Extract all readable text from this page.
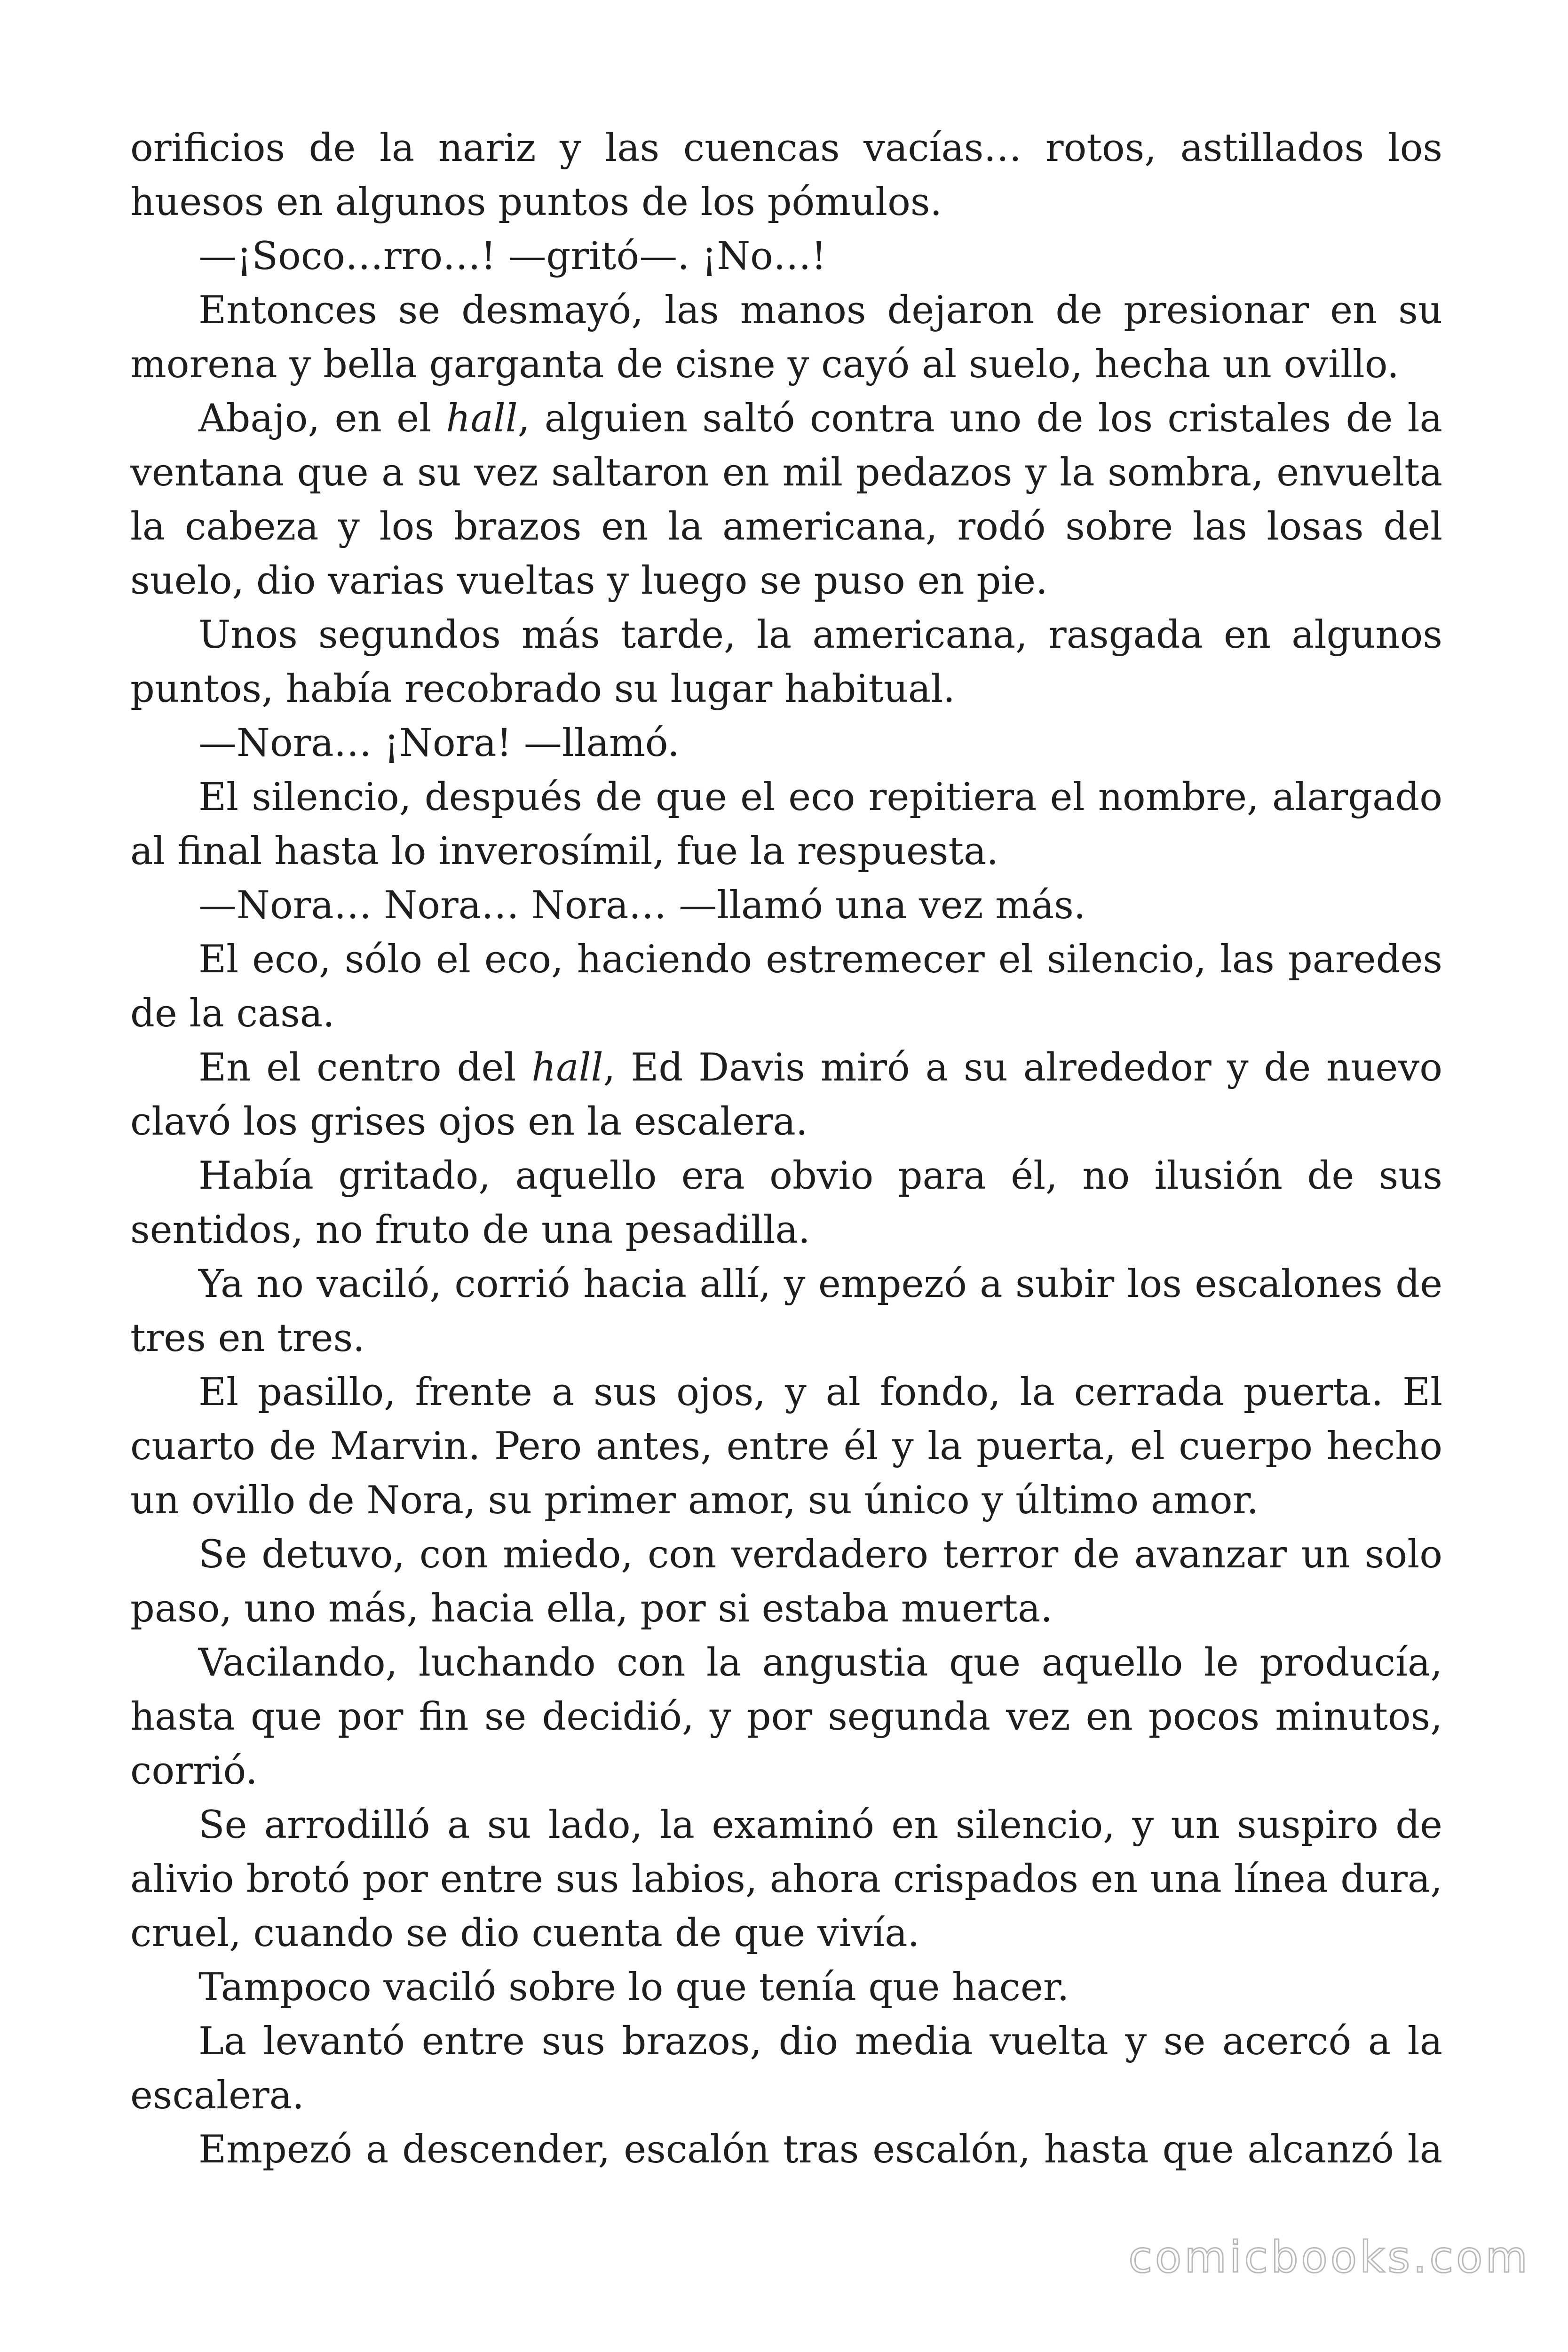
orificios de la nariz y las cuencas vacías… rotos, astillados los huesos en algunos puntos de los pómulos.

—¡Soco…rro…! —gritó—. ¡No…!

Entonces se desmayó, las manos dejaron de presionar en su morena y bella garganta de cisne y cayó al suelo, hecha un ovillo.

Abajo, en el hall, alguien saltó contra uno de los cristales de la ventana que a su vez saltaron en mil pedazos y la sombra, envuelta la cabeza y los brazos en la americana, rodó sobre las losas del suelo, dio varias vueltas y luego se puso en pie.

Unos segundos más tarde, la americana, rasgada en algunos puntos, había recobrado su lugar habitual.

—Nora… ¡Nora! —llamó.

El silencio, después de que el eco repitiera el nombre, alargado al final hasta lo inverosímil, fue la respuesta.

—Nora… Nora… Nora… —llamó una vez más.

El eco, sólo el eco, haciendo estremecer el silencio, las paredes de la casa.

En el centro del hall, Ed Davis miró a su alrededor y de nuevo clavó los grises ojos en la escalera.

Había gritado, aquello era obvio para él, no ilusión de sus sentidos, no fruto de una pesadilla.

Ya no vaciló, corrió hacia allí, y empezó a subir los escalones de tres en tres.

El pasillo, frente a sus ojos, y al fondo, la cerrada puerta. El cuarto de Marvin. Pero antes, entre él y la puerta, el cuerpo hecho un ovillo de Nora, su primer amor, su único y último amor.

Se detuvo, con miedo, con verdadero terror de avanzar un solo paso, uno más, hacia ella, por si estaba muerta.

Vacilando, luchando con la angustia que aquello le producía, hasta que por fin se decidió, y por segunda vez en pocos minutos, corrió.

Se arrodilló a su lado, la examinó en silencio, y un suspiro de alivio brotó por entre sus labios, ahora crispados en una línea dura, cruel, cuando se dio cuenta de que vivía.

Tampoco vaciló sobre lo que tenía que hacer.

La levantó entre sus brazos, dio media vuelta y se acercó a la escalera.

Empezó a descender, escalón tras escalón, hasta que alcanzó la

comicbooks.com
